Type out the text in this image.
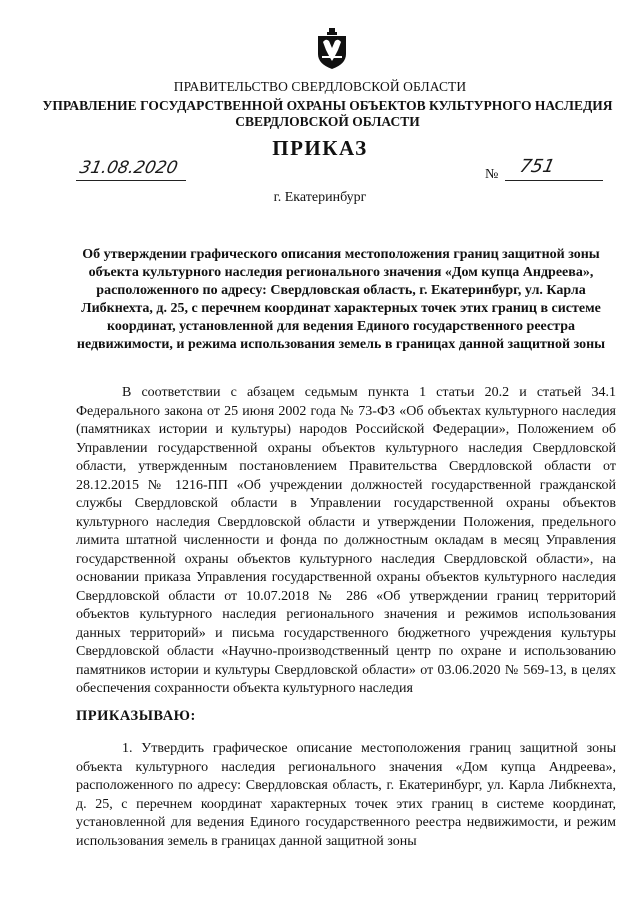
ПРАВИТЕЛЬСТВО СВЕРДЛОВСКОЙ ОБЛАСТИ
УПРАВЛЕНИЕ ГОСУДАРСТВЕННОЙ ОХРАНЫ ОБЪЕКТОВ КУЛЬТУРНОГО НАСЛЕДИЯ СВЕРДЛОВСКОЙ ОБЛАСТИ
ПРИКАЗ
31.08.2020	№ 751
г. Екатеринбург
Об утверждении графического описания местоположения границ защитной зоны объекта культурного наследия регионального значения «Дом купца Андреева», расположенного по адресу: Свердловская область, г. Екатеринбург, ул. Карла Либкнехта, д. 25, с перечнем координат характерных точек этих границ в системе координат, установленной для ведения Единого государственного реестра недвижимости, и режима использования земель в границах данной защитной зоны
В соответствии с абзацем седьмым пункта 1 статьи 20.2 и статьей 34.1 Федерального закона от 25 июня 2002 года № 73-ФЗ «Об объектах культурного наследия (памятниках истории и культуры) народов Российской Федерации», Положением об Управлении государственной охраны объектов культурного наследия Свердловской области, утвержденным постановлением Правительства Свердловской области от 28.12.2015 № 1216-ПП «Об учреждении должностей государственной гражданской службы Свердловской области в Управлении государственной охраны объектов культурного наследия Свердловской области и утверждении Положения, предельного лимита штатной численности и фонда по должностным окладам в месяц Управления государственной охраны объектов культурного наследия Свердловской области», на основании приказа Управления государственной охраны объектов культурного наследия Свердловской области от 10.07.2018 № 286 «Об утверждении границ территорий объектов культурного наследия регионального значения и режимов использования данных территорий» и письма государственного бюджетного учреждения культуры Свердловской области «Научно-производственный центр по охране и использованию памятников истории и культуры Свердловской области» от 03.06.2020 № 569-13, в целях обеспечения сохранности объекта культурного наследия
ПРИКАЗЫВАЮ:
1. Утвердить графическое описание местоположения границ защитной зоны объекта культурного наследия регионального значения «Дом купца Андреева», расположенного по адресу: Свердловская область, г. Екатеринбург, ул. Карла Либкнехта, д. 25, с перечнем координат характерных точек этих границ в системе координат, установленной для ведения Единого государственного реестра недвижимости, и режим использования земель в границах данной защитной зоны
